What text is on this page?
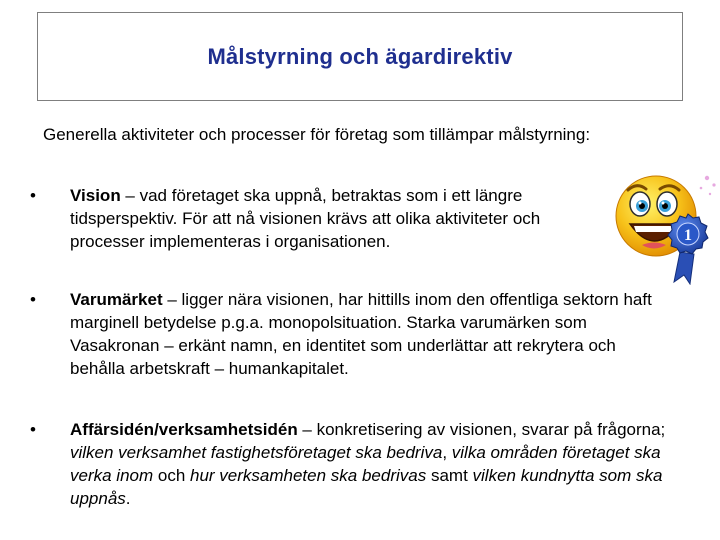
Målstyrning och ägardirektiv
Generella aktiviteter och processer för företag som tillämpar målstyrning:
•	Vision – vad företaget ska uppnå, betraktas som i ett längre tidsperspektiv. För att nå visionen krävs att olika aktiviteter och processer implementeras i organisationen.
•	Varumärket – ligger nära visionen, har hittills inom den offentliga sektorn haft marginell betydelse p.g.a. monopolsituation. Starka varumärken som Vasakronan – erkänt namn, en identitet som underlättar att rekrytera och behålla arbetskraft – humankapitalet.
•	Affärsidén/verksamhetsidén – konkretisering av visionen, svarar på frågorna; vilken verksamhet fastighetsföretaget ska bedriva, vilka områden företaget ska verka inom och hur verksamheten ska bedrivas samt vilken kundnytta som ska uppnås.
1
